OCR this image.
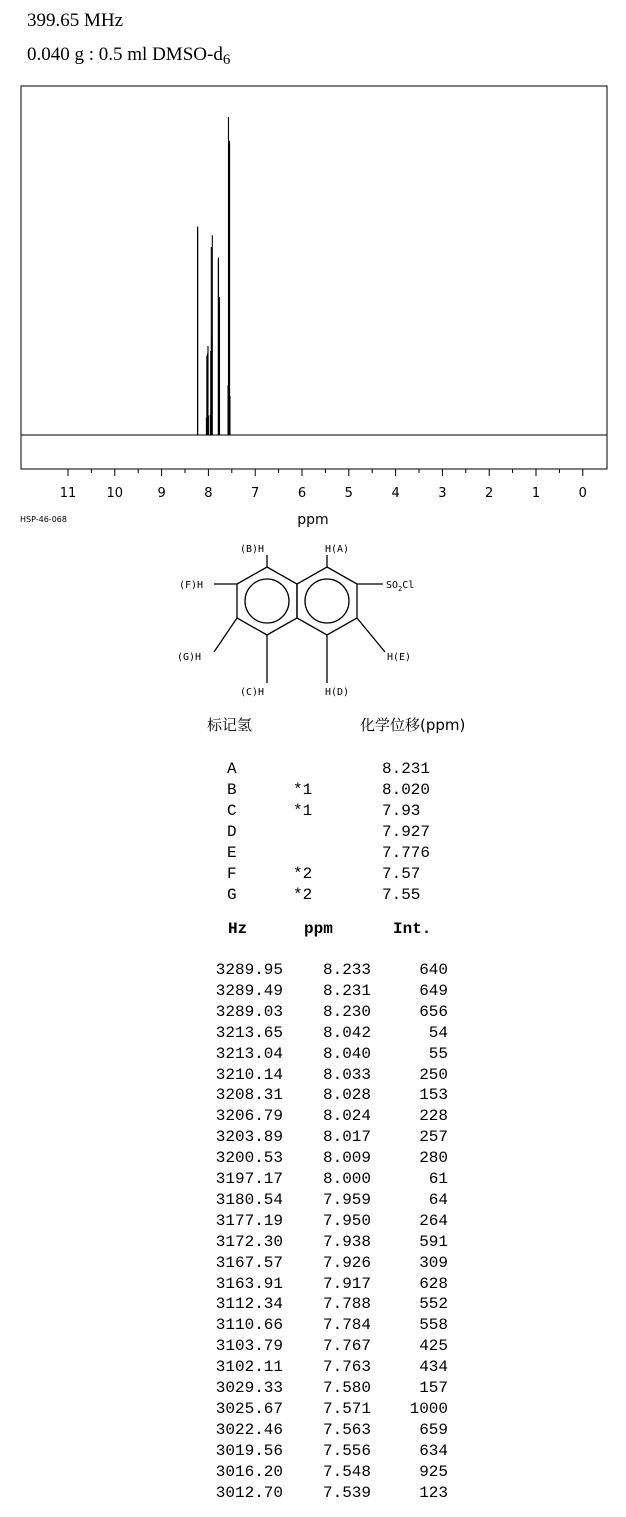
399.65 MHz
0.040 g : 0.5 ml DMSO-$d_6$
11 10	9	8	7	6	5	4	3	2	1	0
ppm
HSP-46-068
(B)H	H(A)
(F)H
(G)H
(C)H	H(D)
H(E)
$SO_2Cl$
标记氢	化学位移(ppm)
A	8.231
B	*1	8.020
C	*1	7.93
D	7.927
E	7.776
F	*2	7.57
G	*2	7.55
Hz	ppm	Int.
3289.95 8.233	640
3289.49 8.231	649
3289.03 8.230	656
3213.65 8.042	54
3213.04 8.040	55
3210.14 8.033	250
3208.31 8.028	153
3206.79 8.024	228
3203.89 8.017	257
3200.53 8.009	280
3197.17 8.000	61
3180.54 7.959	64
3177.19 7.950	264
3172.30 7.938	591
3167.57 7.926	309
3163.91 7.917	628
3112.34 7.788	552
3110.66 7.784	558
3103.79 7.767	425
3102.11 7.763	434
3029.33 7.580	157
3025.67 7.571 1000
3022.46 7.563	659
3019.56 7.556	634
3016.20 7.548	925
3012.70 7.539	123
